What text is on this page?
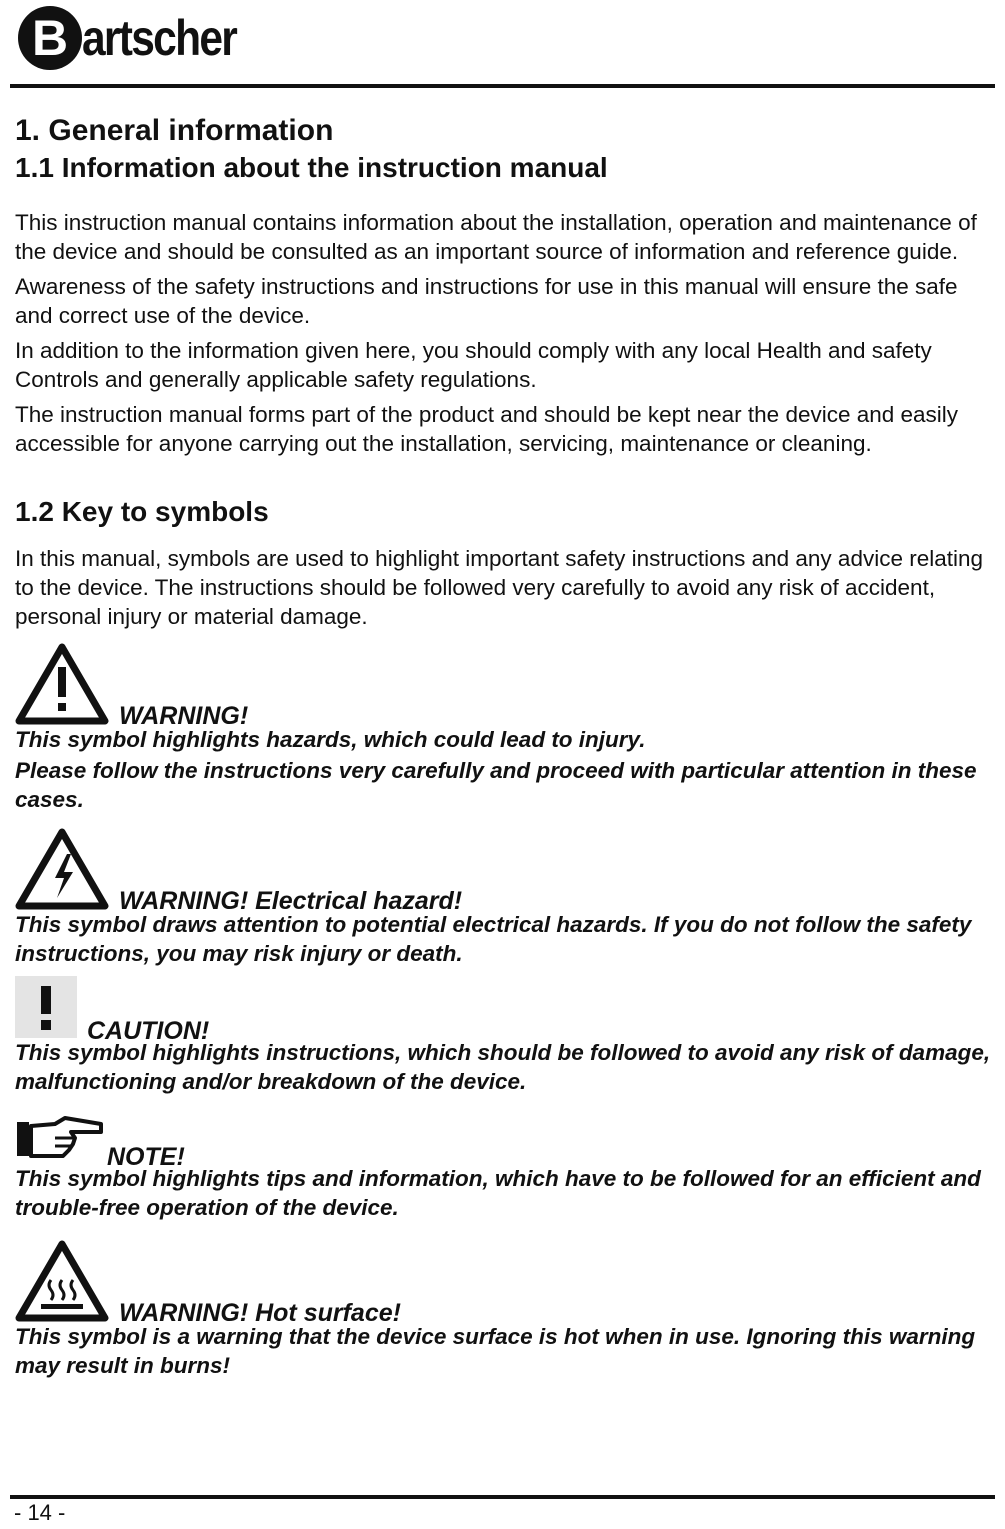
B artscher
1. General information
1.1 Information about the instruction manual

This instruction manual contains information about the installation, operation and maintenance of the device and should be consulted as an important source of information and reference guide.

Awareness of the safety instructions and instructions for use in this manual will ensure the safe and correct use of the device.

In addition to the information given here, you should comply with any local Health and safety Controls and generally applicable safety regulations.

The instruction manual forms part of the product and should be kept near the device and easily accessible for anyone carrying out the installation, servicing, maintenance or cleaning.

1.2 Key to symbols

In this manual, symbols are used to highlight important safety instructions and any advice relating to the device. The instructions should be followed very carefully to avoid any risk of accident, personal injury or material damage.

WARNING!

This symbol highlights hazards, which could lead to injury.

Please follow the instructions very carefully and proceed with particular attention in these cases.

WARNING! Electrical hazard!

This symbol draws attention to potential electrical hazards. If you do not follow the safety instructions, you may risk injury or death.

CAUTION!

This symbol highlights instructions, which should be followed to avoid any risk of damage, malfunctioning and/or breakdown of the device.

NOTE!

This symbol highlights tips and information, which have to be followed for an efficient and trouble-free operation of the device.

WARNING! Hot surface!

This symbol is a warning that the device surface is hot when in use. Ignoring this warning may result in burns!

- 14 -
